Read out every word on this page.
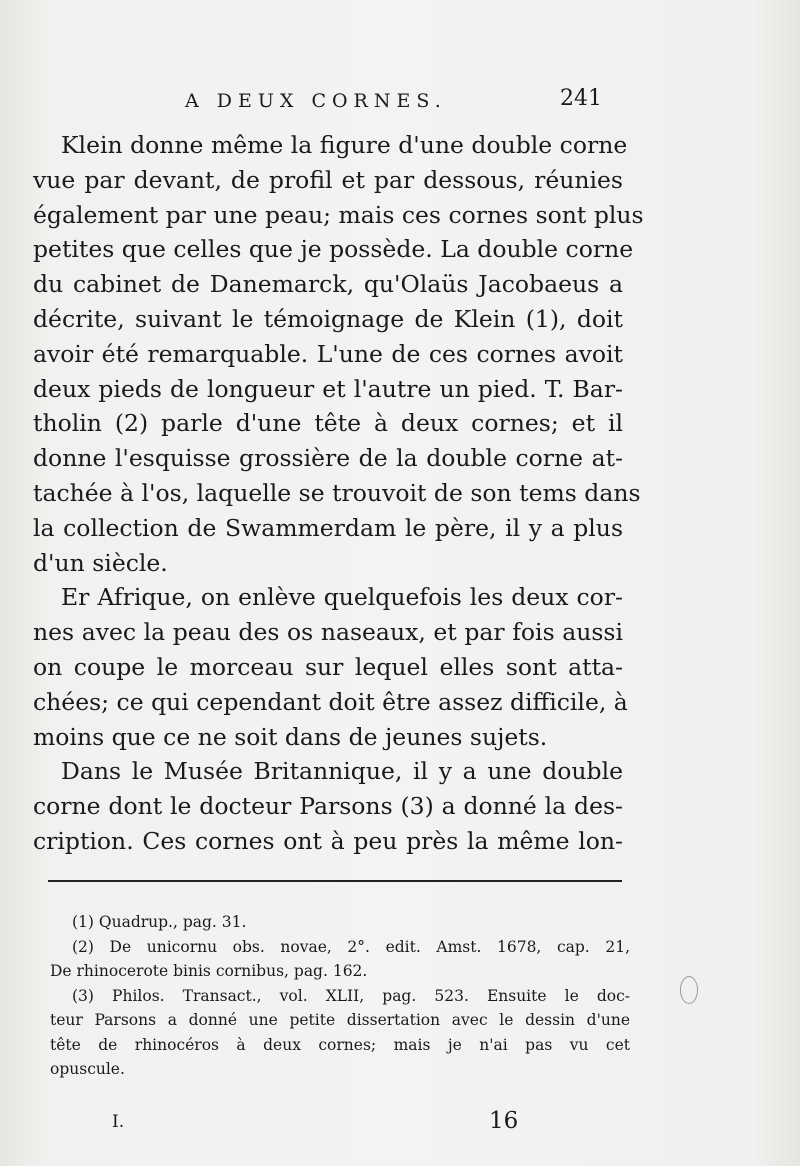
A DEUX CORNES.	241
Klein donne même la figure d'une double corne
vue par devant, de profil et par dessous, réunies
également par une peau; mais ces cornes sont plus
petites que celles que je possède. La double corne
du cabinet de Danemarck, qu'Olaüs Jacobaeus a
décrite, suivant le témoignage de Klein (1), doit
avoir été remarquable. L'une de ces cornes avoit
deux pieds de longueur et l'autre un pied. T. Bar-
tholin (2) parle d'une tête à deux cornes; et il
donne l'esquisse grossière de la double corne at-
tachée à l'os, laquelle se trouvoit de son tems dans
la collection de Swammerdam le père, il y a plus
d'un siècle.
Er Afrique, on enlève quelquefois les deux cor-
nes avec la peau des os naseaux, et par fois aussi
on coupe le morceau sur lequel elles sont atta-
chées; ce qui cependant doit être assez difficile, à
moins que ce ne soit dans de jeunes sujets.
Dans le Musée Britannique, il y a une double
corne dont le docteur Parsons (3) a donné la des-
cription. Ces cornes ont à peu près la même lon-
(1) Quadrup., pag. 31.
(2) De unicornu obs. novae, 2°. edit. Amst. 1678, cap. 21,
De rhinocerote binis cornibus, pag. 162.
(3) Philos. Transact., vol. XLII, pag. 523. Ensuite le doc-
teur Parsons a donné une petite dissertation avec le dessin d'une
tête de rhinocéros à deux cornes; mais je n'ai pas vu cet
opuscule.
I.	16
